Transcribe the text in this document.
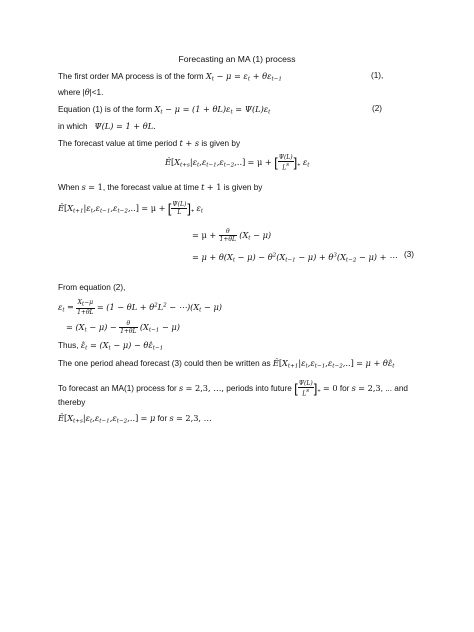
Forecasting an MA (1) process
The first order MA process is of the form $X_t - \mu = \varepsilon_t + \theta\varepsilon_{t-1}$	(1),
where |θ|<1.
Equation (1) is of the form $X_t - \mu = (1 + \theta L)\varepsilon_t = \Psi(L)\varepsilon_t$	(2)
in which Ψ(L) = 1 + θL.
The forecast value at time period t + s is given by
$Ê[X_{t+s}|\varepsilon_t,\varepsilon_{t-1},\varepsilon_{t-2},..] = \mu$ + [ $\frac{\Psi(L)}{L^s} ]_+$ $\varepsilon_t$
When s = 1, the forecast value at time t + 1 is given by
$Ê[X_{t+1}|\varepsilon_t,\varepsilon_{t-1},\varepsilon_{t-2},..] = \mu$ + [ $\frac{\Psi(L)}{L} ]_+$ $\varepsilon_t$
= $\mu + \frac{\theta}{1+\theta L} (X_t - \mu)$
= $\mu + \theta(X_t - \mu) - \theta^2(X_{t-1} - \mu) + \theta^3(X_{t-2} - \mu)$ + ⋯ (3)
From equation (2),
$\varepsilon_t = \frac{X_t-\mu}{1+\theta L} = (1 - \theta L + \theta^2L^2$ − $\cdots)(X_t - \mu)$
= $(X_t - \mu) - \frac{\theta}{1+\theta L} (X_{t-1} - \mu)$
Thus, $\varepsilon̂_t = (X_t - \mu)$ − $\theta\varepsilon̂_{t-1}$
The one period ahead forecast (3) could then be written as $Ê[X_{t+1}|\varepsilon_t,\varepsilon_{t-1},\varepsilon_{t-2},..] = \mu$ + $\theta\varepsilon̂_t$
To forecast an MA(1) process for s = 2,3, …, periods into future [ $\frac{\Psi(L)}{L^s} ]_+ = 0$ for s = 2,3, ... and
thereby
$Ê[X_{t+s}|\varepsilon_t,\varepsilon_{t-1},\varepsilon_{t-2},..] = \mu$ for s = 2,3, …
